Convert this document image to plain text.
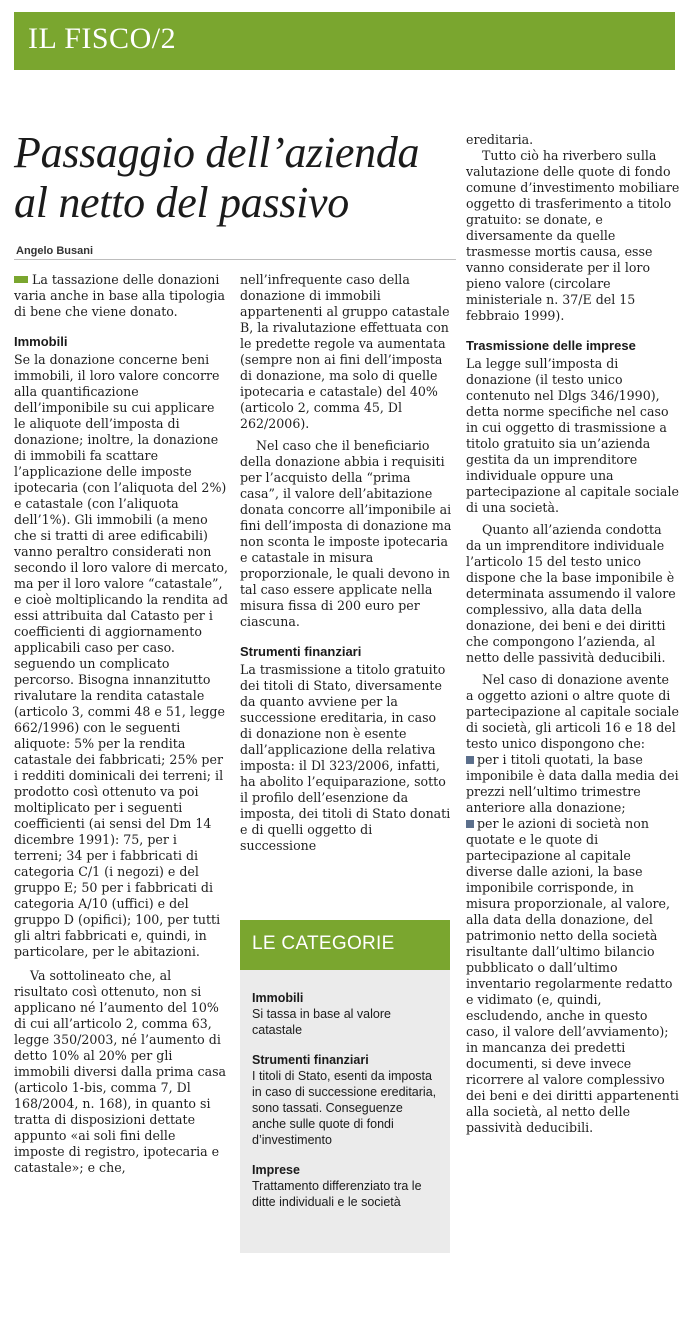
IL FISCO/2
Passaggio dell’azienda al netto del passivo
Angelo Busani

La tassazione delle donazioni varia anche in base alla tipologia di bene che viene donato.

Immobili

Se la donazione concerne beni immobili, il loro valore concorre alla quantificazione dell’imponibile su cui applicare le aliquote dell’imposta di donazione; inoltre, la donazione di immobili fa scattare l’applicazione delle imposte ipotecaria (con l’aliquota del 2%) e catastale (con l’aliquota dell’1%). Gli immobili (a meno che si tratti di aree edificabili) vanno peraltro considerati non secondo il loro valore di mercato, ma per il loro valore “catastale”, e cioè moltiplicando la rendita ad essi attribuita dal Catasto per i coefficienti di aggiornamento applicabili caso per caso. seguendo un complicato percorso. Bisogna innanzitutto rivalutare la rendita catastale (articolo 3, commi 48 e 51, legge 662/1996) con le seguenti aliquote: 5% per la rendita catastale dei fabbricati; 25% per i redditi dominicali dei terreni; il prodotto così ottenuto va poi moltiplicato per i seguenti coefficienti (ai sensi del Dm 14 dicembre 1991): 75, per i terreni; 34 per i fabbricati di categoria C/1 (i negozi) e del gruppo E; 50 per i fabbricati di categoria A/10 (uffici) e del gruppo D (opifici); 100, per tutti gli altri fabbricati e, quindi, in particolare, per le abitazioni.

Va sottolineato che, al risultato così ottenuto, non si applicano né l’aumento del 10% di cui all’articolo 2, comma 63, legge 350/2003, né l’aumento di detto 10% al 20% per gli immobili diversi dalla prima casa (articolo 1-bis, comma 7, Dl 168/2004, n. 168), in quanto si tratta di disposizioni dettate appunto «ai soli fini delle imposte di registro, ipotecaria e catastale»; e che,

nell’infrequente caso della donazione di immobili appartenenti al gruppo catastale B, la rivalutazione effettuata con le predette regole va aumentata (sempre non ai fini dell’imposta di donazione, ma solo di quelle ipotecaria e catastale) del 40% (articolo 2, comma 45, Dl 262/2006).

Nel caso che il beneficiario della donazione abbia i requisiti per l’acquisto della “prima casa”, il valore dell’abitazione donata concorre all’imponibile ai fini dell’imposta di donazione ma non sconta le imposte ipotecaria e catastale in misura proporzionale, le quali devono in tal caso essere applicate nella misura fissa di 200 euro per ciascuna.

Strumenti finanziari

La trasmissione a titolo gratuito dei titoli di Stato, diversamente da quanto avviene per la successione ereditaria, in caso di donazione non è esente dall’applicazione della relativa imposta: il Dl 323/2006, infatti, ha abolito l’equiparazione, sotto il profilo dell’esenzione da imposta, dei titoli di Stato donati e di quelli oggetto di successione

ereditaria.

Tutto ciò ha riverbero sulla valutazione delle quote di fondo comune d’investimento mobiliare oggetto di trasferimento a titolo gratuito: se donate, e diversamente da quelle trasmesse mortis causa, esse vanno considerate per il loro pieno valore (circolare ministeriale n. 37/E del 15 febbraio 1999).

Trasmissione delle imprese

La legge sull’imposta di donazione (il testo unico contenuto nel Dlgs 346/1990), detta norme specifiche nel caso in cui oggetto di trasmissione a titolo gratuito sia un’azienda gestita da un imprenditore individuale oppure una partecipazione al capitale sociale di una società.

Quanto all’azienda condotta da un imprenditore individuale l’articolo 15 del testo unico dispone che la base imponibile è determinata assumendo il valore complessivo, alla data della donazione, dei beni e dei diritti che compongono l’azienda, al netto delle passività deducibili.

Nel caso di donazione avente a oggetto azioni o altre quote di partecipazione al capitale sociale di società, gli articoli 16 e 18 del testo unico dispongono che:

per i titoli quotati, la base imponibile è data dalla media dei prezzi nell’ultimo trimestre anteriore alla donazione;

per le azioni di società non quotate e le quote di partecipazione al capitale diverse dalle azioni, la base imponibile corrisponde, in misura proporzionale, al valore, alla data della donazione, del patrimonio netto della società risultante dall’ultimo bilancio pubblicato o dall’ultimo inventario regolarmente redatto e vidimato (e, quindi, escludendo, anche in questo caso, il valore dell’avviamento); in mancanza dei predetti documenti, si deve invece ricorrere al valore complessivo dei beni e dei diritti appartenenti alla società, al netto delle passività deducibili.

LE CATEGORIE
Immobili
Si tassa in base al valore catastale
Strumenti finanziari
I titoli di Stato, esenti da imposta in caso di successione ereditaria, sono tassati. Conseguenze anche sulle quote di fondi d’investimento
Imprese
Trattamento differenziato tra le ditte individuali e le società
